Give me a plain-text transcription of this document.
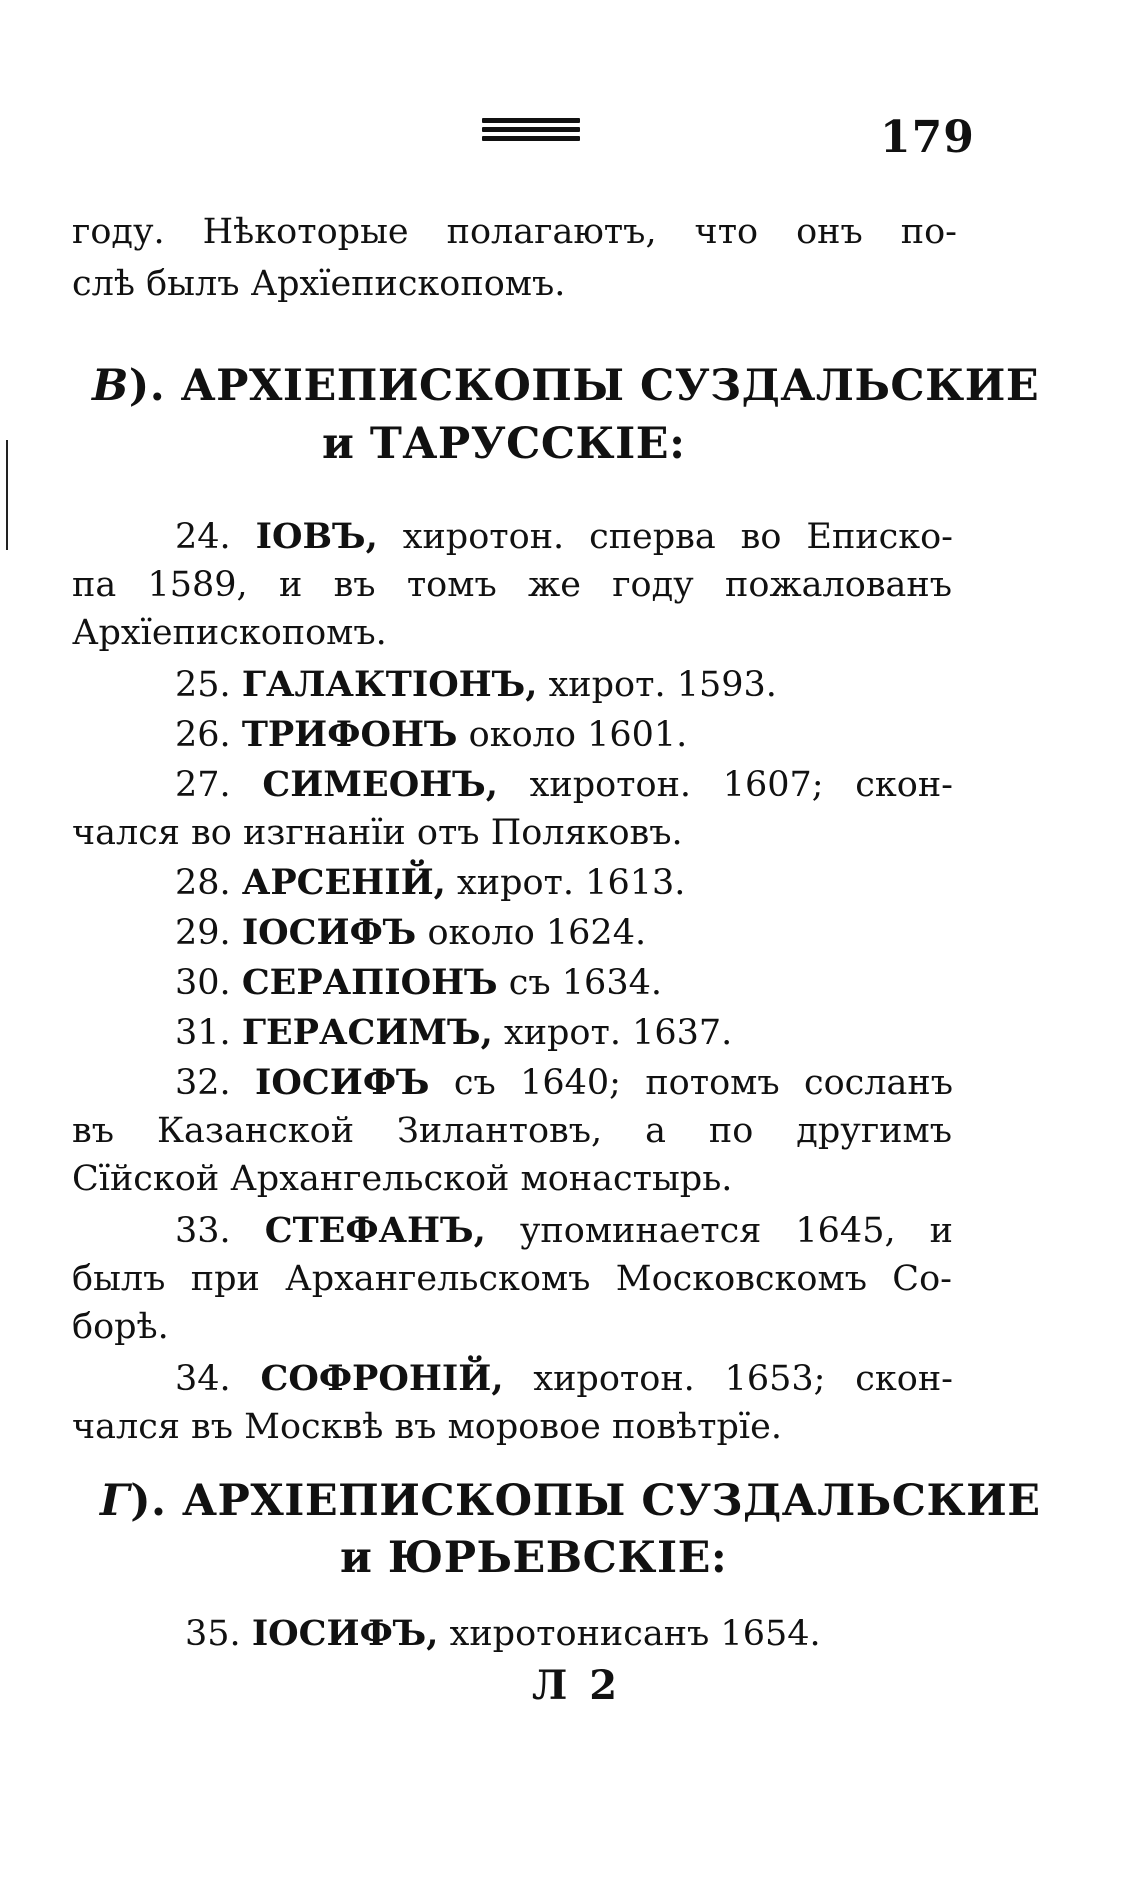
179
году. Нѣкоторые полагаютъ, что онъ по-
слѣ былъ Архїепископомъ.
В). АРХІЕПИСКОПЫ СУЗДАЛЬСКИЕ
и ТАРУССКІЕ:
24. ІОВЪ, хиротон. сперва во Еписко-
па 1589, и въ томъ же году пожалованъ
Архїепископомъ.
25. ГАЛАКТІОНЪ, хирот. 1593.
26. ТРИФОНЪ около 1601.
27. СИМЕОНЪ, хиротон. 1607; скон-
чался во изгнанїи отъ Поляковъ.
28. АРСЕНІЙ, хирот. 1613.
29. ІОСИФЪ около 1624.
30. СЕРАПІОНЪ съ 1634.
31. ГЕРАСИМЪ, хирот. 1637.
32. ІОСИФЪ съ 1640; потомъ сосланъ
въ Казанской Зилантовъ, а по другимъ
Сїйской Архангельской монастырь.
33. СТЕФАНЪ, упоминается 1645, и
былъ при Архангельскомъ Московскомъ Со-
борѣ.
34. СОФРОНІЙ, хиротон. 1653; скон-
чался въ Москвѣ въ моровое повѣтрїе.
Г). АРХІЕПИСКОПЫ СУЗДАЛЬСКИЕ
и ЮРЬЕВСКІЕ:
35. ІОСИФЪ, хиротонисанъ 1654.
Л 2
